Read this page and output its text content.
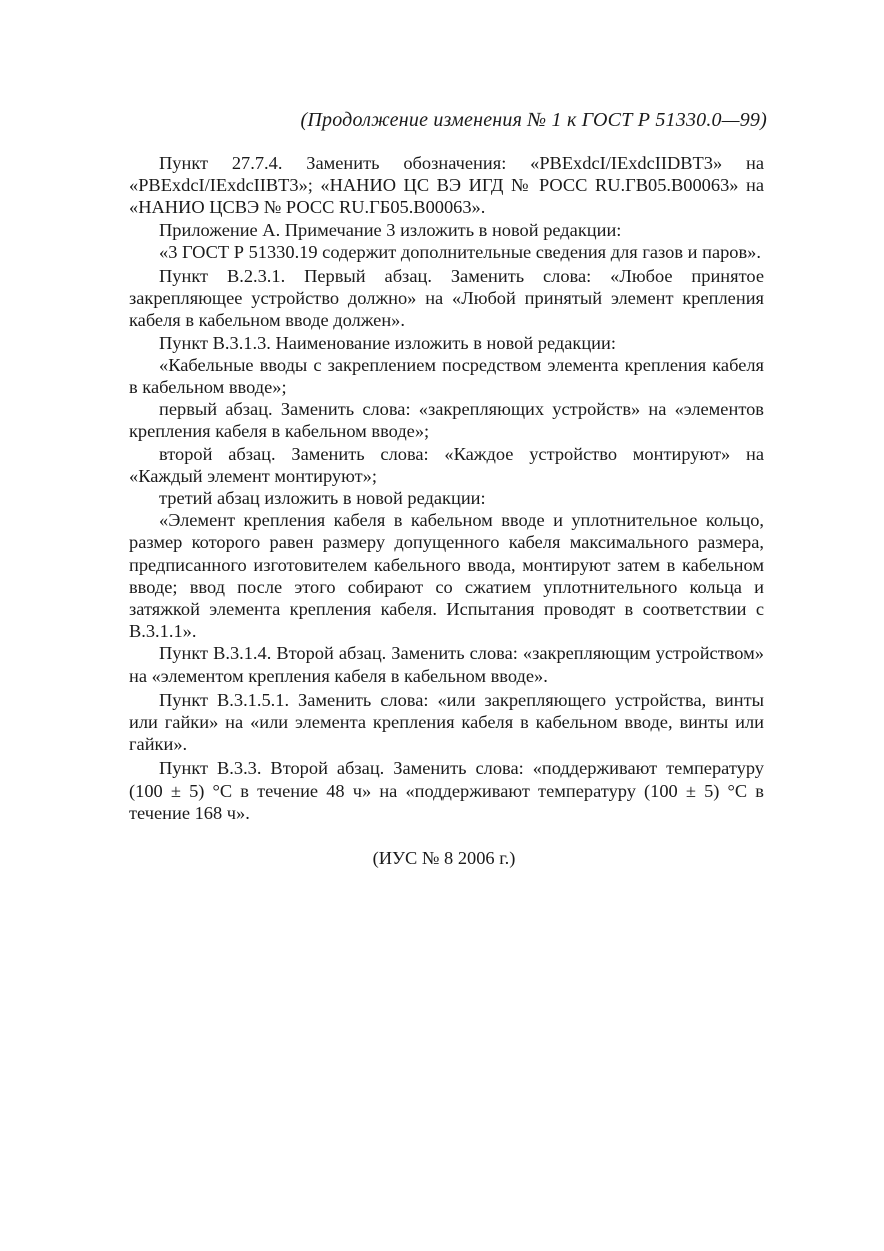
(Продолжение изменения № 1 к ГОСТ Р 51330.0—99)

Пункт 27.7.4. Заменить обозначения: «PBExdcI/IExdcIIDBT3» на «PBExdcI/IExdcIIBT3»; «НАНИО ЦС ВЭ ИГД № РОСС RU.ГВ05.В00063» на «НАНИО ЦСВЭ № РОСС RU.ГБ05.В00063».

Приложение А. Примечание 3 изложить в новой редакции:

«3 ГОСТ Р 51330.19 содержит дополнительные сведения для газов и паров».

Пункт В.2.3.1. Первый абзац. Заменить слова: «Любое принятое закрепляющее устройство должно» на «Любой принятый элемент крепления кабеля в кабельном вводе должен».

Пункт В.3.1.3. Наименование изложить в новой редакции:

«Кабельные вводы с закреплением посредством элемента крепления кабеля в кабельном вводе»;

первый абзац. Заменить слова: «закрепляющих устройств» на «элементов крепления кабеля в кабельном вводе»;

второй абзац. Заменить слова: «Каждое устройство монтируют» на «Каждый элемент монтируют»;

третий абзац изложить в новой редакции:

«Элемент крепления кабеля в кабельном вводе и уплотнительное кольцо, размер которого равен размеру допущенного кабеля максимального размера, предписанного изготовителем кабельного ввода, монтируют затем в кабельном вводе; ввод после этого собирают со сжатием уплотнительного кольца и затяжкой элемента крепления кабеля. Испытания проводят в соответствии с В.3.1.1».

Пункт В.3.1.4. Второй абзац. Заменить слова: «закрепляющим устройством» на «элементом крепления кабеля в кабельном вводе».

Пункт В.3.1.5.1. Заменить слова: «или закрепляющего устройства, винты или гайки» на «или элемента крепления кабеля в кабельном вводе, винты или гайки».

Пункт В.3.3. Второй абзац. Заменить слова: «поддерживают температуру (100 ± 5) °С в течение 48 ч» на «поддерживают температуру (100 ± 5) °С в течение 168 ч».

(ИУС № 8 2006 г.)
